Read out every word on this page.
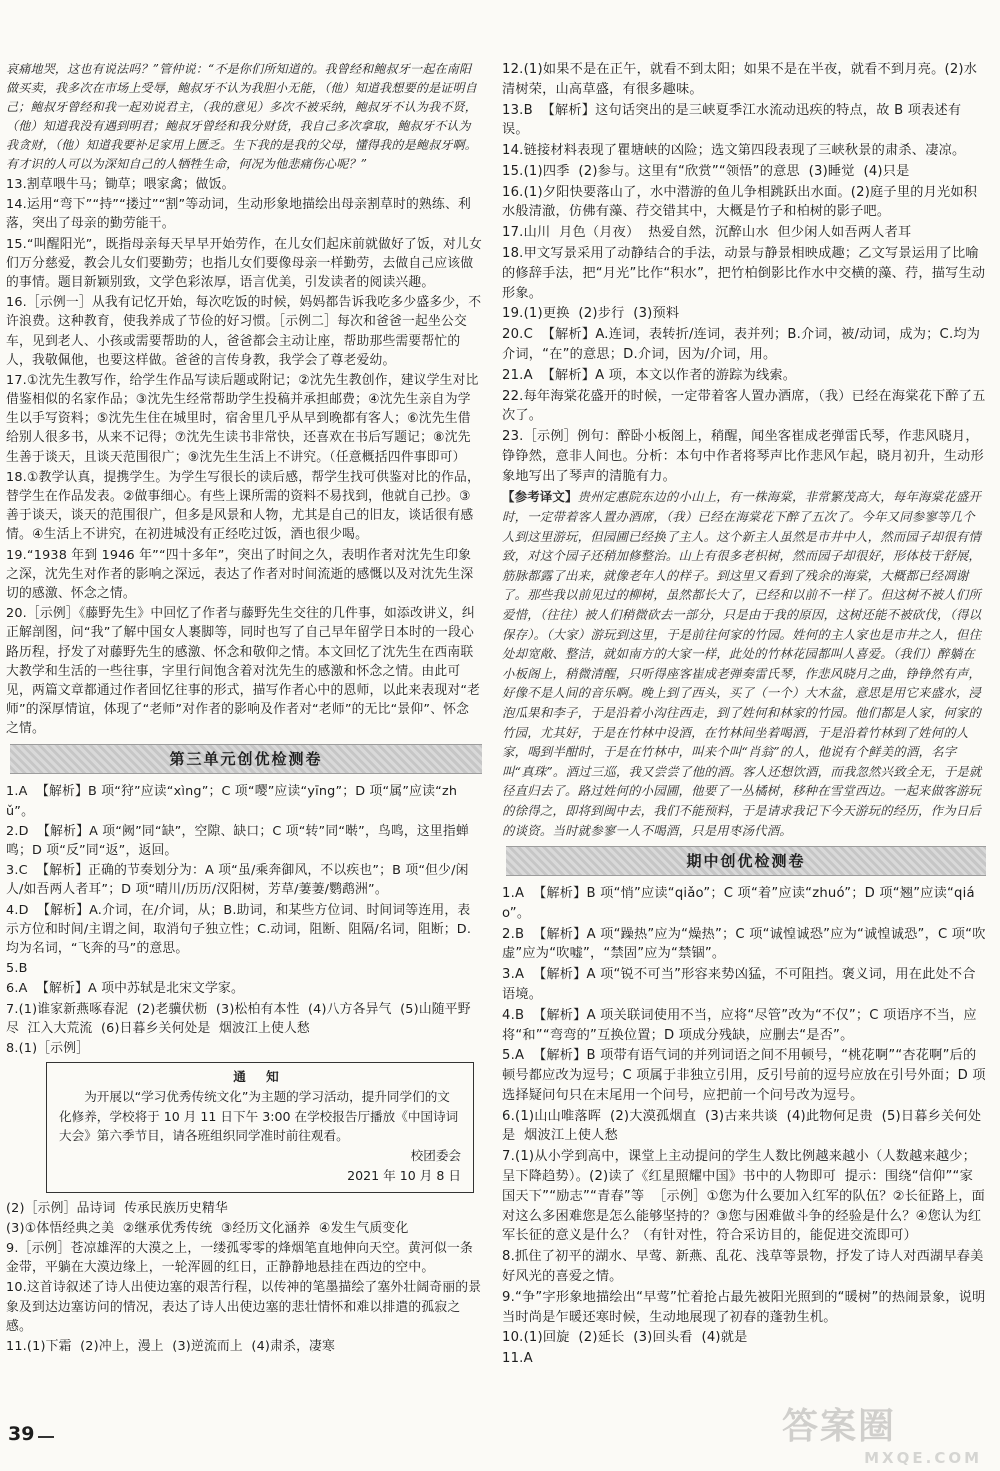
哀痛地哭，这也有说法吗？”管仲说：“不是你们所知道的。我曾经和鲍叔牙一起在南阳做买卖，我多次在市场上受辱，鲍叔牙不认为我胆小无能，（他）知道我想要的是证明自己；鲍叔牙曾经和我一起劝说君主，（我的意见）多次不被采纳，鲍叔牙不认为我不贤，（他）知道我没有遇到明君；鲍叔牙曾经和我分财货，我自己多次拿取，鲍叔牙不认为我贪财，（他）知道我要补足家用上匮乏。生下我的是我的父母，懂得我的是鲍叔牙啊。有才识的人可以为深知自己的人牺牲生命，何况为他悲痛伤心呢？”
13.割草喂牛马；锄草；喂家禽；做饭。
14.运用“弯下”“持”“搂过”“割”等动词，生动形象地描绘出母亲割草时的熟练、利落，突出了母亲的勤劳能干。
15.“叫醒阳光”，既指母亲每天早早开始劳作，在儿女们起床前就做好了饭，对儿女们万分慈爱，教会儿女们要勤劳；也指儿女们要像母亲一样勤劳，去做自己应该做的事情。题目新颖别致，文学色彩浓厚，语言优美，引发读者的阅读兴趣。
16.［示例一］从我有记忆开始，每次吃饭的时候，妈妈都告诉我吃多少盛多少，不许浪费。这种教育，使我养成了节俭的好习惯。［示例二］每次和爸爸一起坐公交车，见到老人、小孩或需要帮助的人，爸爸都会主动让座，帮助那些需要帮忙的人，我敬佩他，也要这样做。爸爸的言传身教，我学会了尊老爱幼。
17.①沈先生教写作，给学生作品写读后题或附记；②沈先生教创作，建议学生对比借鉴相似的名家作品；③沈先生经常帮助学生投稿并承担邮费；④沈先生亲自为学生以手写资料；⑤沈先生住在城里时，宿舍里几乎从早到晚都有客人；⑥沈先生借给别人很多书，从来不记得；⑦沈先生读书非常快，还喜欢在书后写题记；⑧沈先生善于谈天，且谈天范围很广；⑨沈先生生活上不讲究。（任意概括四件事即可）
18.①教学认真，提携学生。为学生写很长的读后感，帮学生找可供鉴对比的作品，替学生在作品发表。②做事细心。有些上课所需的资料不易找到，他就自己抄。③善于谈天，谈天的范围很广，但多是风景和人物，尤其是自己的旧友，谈话很有感情。④生活上不讲究，在初进城没有正经吃过饭，酒也很少喝。
19.“1938 年到 1946 年”“四十多年”，突出了时间之久，表明作者对沈先生印象之深，沈先生对作者的影响之深远，表达了作者对时间流逝的感慨以及对沈先生深切的感激、怀念之情。
20.［示例］《藤野先生》中回忆了作者与藤野先生交往的几件事，如添改讲义，纠正解剖图，问“我”了解中国女人裹脚等，同时也写了自己早年留学日本时的一段心路历程，抒发了对藤野先生的感激、怀念和敬仰之情。本文回忆了沈先生在西南联大教学和生活的一些往事，字里行间饱含着对沈先生的感激和怀念之情。由此可见，两篇文章都通过作者回忆往事的形式，描写作者心中的恩师，以此来表现对“老师”的深厚情谊，体现了“老师”对作者的影响及作者对“老师”的无比“景仰”、怀念之情。
第三单元创优检测卷
1.A  【解析】B 项“狩”应读“xìng”；C 项“嘤”应读“yīng”；D 项“属”应读“zhǔ”。
2.D  【解析】A 项“阙”同“缺”，空隙、缺口；C 项“转”同“啭”，鸟鸣，这里指蝉鸣；D 项“反”同“返”，返回。
3.C  【解析】正确的节奏划分为：A 项“虽/乘奔御风，不以疾也”；B 项“但少/闲人/如吾两人者耳”；D 项“晴川/历历/汉阳树，芳草/萋萋/鹦鹉洲”。
4.D  【解析】A.介词，在/介词，从；B.助词，和某些方位词、时间词等连用，表示方位和时间/主谓之间，取消句子独立性；C.动词，阻断、阻隔/名词，阻断；D.均为名词，“飞奔的马”的意思。
5.B
6.A  【解析】A 项中苏轼是北宋文学家。
7.(1)谁家新燕啄春泥  (2)老骥伏枥  (3)松柏有本性  (4)八方各异气  (5)山随平野尽  江入大荒流  (6)日暮乡关何处是  烟波江上使人愁
8.(1)［示例］
通 知
为开展以“学习优秀传统文化”为主题的学习活动，提升同学们的文化修养，学校将于 10 月 11 日下午 3:00 在学校报告厅播放《中国诗词大会》第六季节目，请各班组织同学准时前往观看。
校团委会
2021 年 10 月 8 日
(2)［示例］品诗词  传承民族历史精华
(3)①体悟经典之美  ②继承优秀传统  ③经历文化涵养  ④发生气质变化
9.［示例］苍凉雄浑的大漠之上，一缕孤零零的烽烟笔直地伸向天空。黄河似一条金带，平躺在大漠边缘上，一轮浑圆的红日，正静静地悬挂在西边的空中。
10.这首诗叙述了诗人出使边塞的艰苦行程，以传神的笔墨描绘了塞外壮阔奇丽的景象及到达边塞访问的情况，表达了诗人出使边塞的悲壮情怀和难以排遣的孤寂之感。
11.(1)下霜  (2)冲上，漫上  (3)逆流而上  (4)肃杀，凄寒
12.(1)如果不是在正午，就看不到太阳；如果不是在半夜，就看不到月亮。(2)水清树荣，山高草盛，有很多趣味。
13.B  【解析】这句话突出的是三峡夏季江水流动迅疾的特点，故 B 项表述有误。
14.链接材料表现了瞿塘峡的凶险；选文第四段表现了三峡秋景的肃杀、凄凉。
15.(1)四季  (2)参与。这里有“欣赏”“领悟”的意思  (3)睡觉  (4)只是
16.(1)夕阳快要落山了，水中潜游的鱼儿争相跳跃出水面。(2)庭子里的月光如积水般清澈，仿佛有藻、荇交错其中，大概是竹子和柏树的影子吧。
17.山川  月色（月夜）  热爱自然，沉醉山水  但少闲人如吾两人者耳
18.甲文写景采用了动静结合的手法，动景与静景相映成趣；乙文写景运用了比喻的修辞手法，把“月光”比作“积水”，把竹柏倒影比作水中交横的藻、荇，描写生动形象。
19.(1)更换  (2)步行  (3)预料
20.C  【解析】A.连词，表转折/连词，表并列；B.介词，被/动词，成为；C.均为介词，“在”的意思；D.介词，因为/介词，用。
21.A  【解析】A 项，本文以作者的游踪为线索。
22.每年海棠花盛开的时候，一定带着客人置办酒席，（我）已经在海棠花下醉了五次了。
23.［示例］例句：醉卧小板阁上，稍醒，闻坐客崔成老弹雷氏琴，作悲风晓月，铮铮然，意非人间也。分析：本句中作者将琴声比作悲风乍起，晓月初升，生动形象地写出了琴声的清脆有力。
【参考译文】贵州定惠院东边的小山上，有一株海棠，非常繁茂高大，每年海棠花盛开时，一定带着客人置办酒席，（我）已经在海棠花下醉了五次了。今年又同参寥等几个人到这里游玩，但园圃已经换了主人。这个新主人虽然是市井中人，然而园子却很有情致，对这个园子还稍加修整治。山上有很多老枳树，然而园子却很好，形体枝干舒展，筋脉都露了出来，就像老年人的样子。到这里又看到了残余的海棠，大概都已经凋谢了。那些我以前见过的柳树，虽然都长大了，已经和以前不一样了。但这树不被人们所爱惜，（往往）被人们稍微砍去一部分，只是由于我的原因，这树还能不被砍伐，（得以保存）。（大家）游玩到这里，于是前往何家的竹园。姓何的主人家也是市井之人，但住处却宽敞、整洁，就如南方的大家一样，此处的竹林花园都叫人喜爱。（我们）醉躺在小板阁上，稍微清醒，只听得座客崔成老弹奏雷氏琴，作悲风晓月之曲，铮铮然有声，好像不是人间的音乐啊。晚上到了西头，买了（一个）大木盆，意思是用它来盛水，浸泡瓜果和李子，于是沿着小沟往西走，到了姓何和林家的竹园。他们都是人家，何家的竹园，尤其好，于是在竹林中设酒，在竹林间坐着喝酒，于是沿着竹林到了姓何的人家，喝到半酣时，于是在竹林中，叫来个叫“肖翁”的人，他说有个鲜美的酒，名字叫“真珠”。酒过三巡，我又尝尝了他的酒。客人还想饮酒，而我忽然兴致全无，于是就径直归去了。路过姓何的小园圃，他要了一丛橘树，移种在雪堂西边。一起来做客游玩的徐得之，即将到闽中去，我们不能预料，于是请求我记下今天游玩的经历，作为日后的谈资。当时就参寥一人不喝酒，只是用枣汤代酒。
期中创优检测卷
1.A  【解析】B 项“悄”应读“qiǎo”；C 项“着”应读“zhuó”；D 项“翘”应读“qiáo”。
2.B  【解析】A 项“躁热”应为“燥热”；C 项“诚惶诚恐”应为“诚惶诚恐”，C 项“吹虚”应为“吹嘘”，“禁固”应为“禁锢”。
3.A  【解析】A 项“锐不可当”形容来势凶猛，不可阻挡。褒义词，用在此处不合语境。
4.B  【解析】A 项关联词使用不当，应将“尽管”改为“不仅”；C 项语序不当，应将“和”“弯弯的”互换位置；D 项成分残缺，应删去“是否”。
5.A  【解析】B 项带有语气词的并列词语之间不用顿号，“桃花啊”“杏花啊”后的顿号都应改为逗号；C 项属于非独立引用，反引号前的逗号应放在引号外面；D 项选择疑问句只在末尾用一个问号，应把前一个问号改为逗号。
6.(1)山山唯落晖  (2)大漠孤烟直  (3)古来共谈  (4)此物何足贵  (5)日暮乡关何处是  烟波江上使人愁
7.(1)从小学到高中，课堂上主动提问的学生人数比例越来越小（人数越来越少；呈下降趋势）。(2)读了《红星照耀中国》书中的人物即可  提示：围绕“信仰”“家国天下”“励志”“青春”等  ［示例］①您为什么要加入红军的队伍？②长征路上，面对这么多困难您是怎么能够坚持的？③您与困难做斗争的经验是什么？④您认为红军长征的意义是什么？（有针对性，符合采访目的，能促进交流即可）
8.抓住了初平的湖水、早莺、新燕、乱花、浅草等景物，抒发了诗人对西湖早春美好风光的喜爱之情。
9.“争”字形象地描绘出“早莺”忙着抢占最先被阳光照到的“暖树”的热闹景象，说明当时尚是乍暖还寒时候，生动地展现了初春的蓬勃生机。
10.(1)回旋  (2)延长  (3)回头看  (4)就是
11.A
39	答案圈
MXQE.COM
